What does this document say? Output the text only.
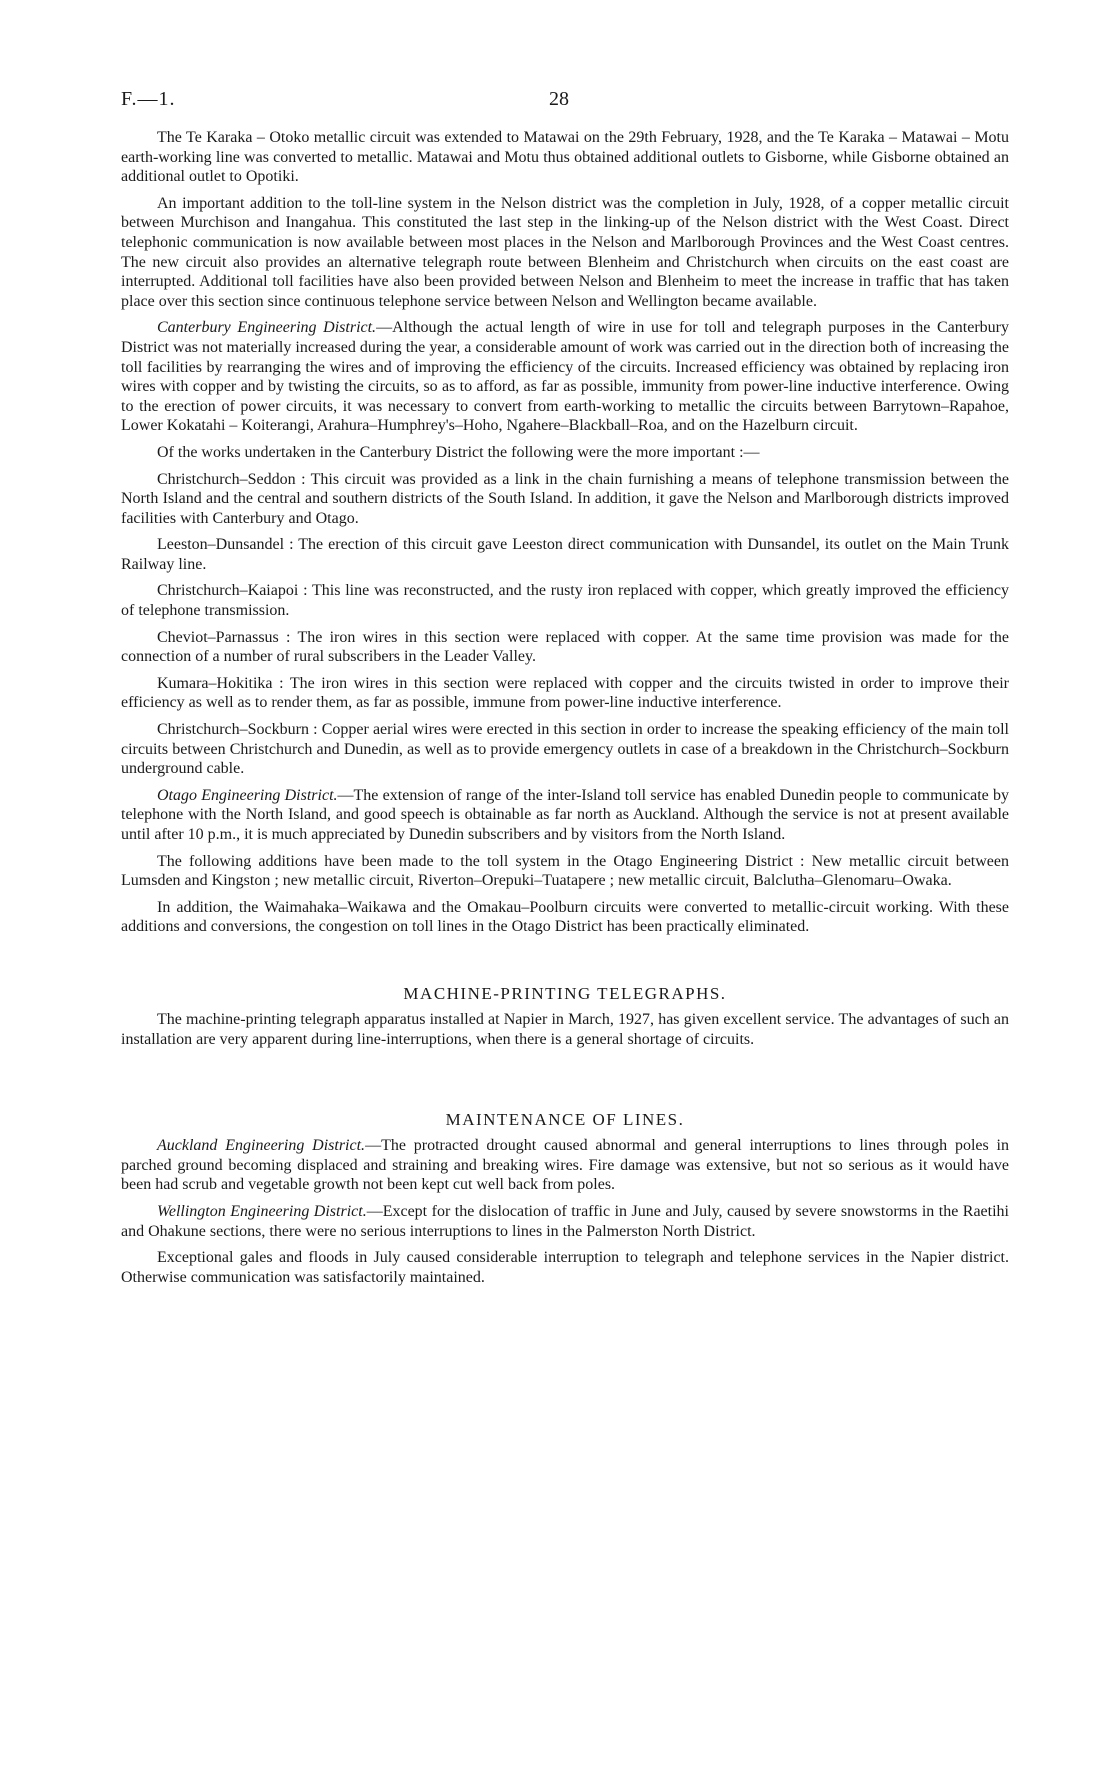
F.—1.	28

The Te Karaka – Otoko metallic circuit was extended to Matawai on the 29th February, 1928, and the Te Karaka – Matawai – Motu earth-working line was converted to metallic. Matawai and Motu thus obtained additional outlets to Gisborne, while Gisborne obtained an additional outlet to Opotiki.

An important addition to the toll-line system in the Nelson district was the completion in July, 1928, of a copper metallic circuit between Murchison and Inangahua. This constituted the last step in the linking-up of the Nelson district with the West Coast. Direct telephonic communication is now available between most places in the Nelson and Marlborough Provinces and the West Coast centres. The new circuit also provides an alternative telegraph route between Blenheim and Christchurch when circuits on the east coast are interrupted. Additional toll facilities have also been provided between Nelson and Blenheim to meet the increase in traffic that has taken place over this section since continuous telephone service between Nelson and Wellington became available.

Canterbury Engineering District.—Although the actual length of wire in use for toll and telegraph purposes in the Canterbury District was not materially increased during the year, a considerable amount of work was carried out in the direction both of increasing the toll facilities by rearranging the wires and of improving the efficiency of the circuits. Increased efficiency was obtained by replacing iron wires with copper and by twisting the circuits, so as to afford, as far as possible, immunity from power-line inductive interference. Owing to the erection of power circuits, it was necessary to convert from earth-working to metallic the circuits between Barrytown–Rapahoe, Lower Kokatahi – Koiterangi, Arahura–Humphrey's–Hoho, Ngahere–Blackball–Roa, and on the Hazelburn circuit.

Of the works undertaken in the Canterbury District the following were the more important :—

Christchurch–Seddon : This circuit was provided as a link in the chain furnishing a means of telephone transmission between the North Island and the central and southern districts of the South Island. In addition, it gave the Nelson and Marlborough districts improved facilities with Canterbury and Otago.

Leeston–Dunsandel : The erection of this circuit gave Leeston direct communication with Dunsandel, its outlet on the Main Trunk Railway line.

Christchurch–Kaiapoi : This line was reconstructed, and the rusty iron replaced with copper, which greatly improved the efficiency of telephone transmission.

Cheviot–Parnassus : The iron wires in this section were replaced with copper. At the same time provision was made for the connection of a number of rural subscribers in the Leader Valley.

Kumara–Hokitika : The iron wires in this section were replaced with copper and the circuits twisted in order to improve their efficiency as well as to render them, as far as possible, immune from power-line inductive interference.

Christchurch–Sockburn : Copper aerial wires were erected in this section in order to increase the speaking efficiency of the main toll circuits between Christchurch and Dunedin, as well as to provide emergency outlets in case of a breakdown in the Christchurch–Sockburn underground cable.

Otago Engineering District.—The extension of range of the inter-Island toll service has enabled Dunedin people to communicate by telephone with the North Island, and good speech is obtainable as far north as Auckland. Although the service is not at present available until after 10 p.m., it is much appreciated by Dunedin subscribers and by visitors from the North Island.

The following additions have been made to the toll system in the Otago Engineering District : New metallic circuit between Lumsden and Kingston ; new metallic circuit, Riverton–Orepuki–Tuatapere ; new metallic circuit, Balclutha–Glenomaru–Owaka.

In addition, the Waimahaka–Waikawa and the Omakau–Poolburn circuits were converted to metallic-circuit working. With these additions and conversions, the congestion on toll lines in the Otago District has been practically eliminated.

MACHINE-PRINTING TELEGRAPHS.

The machine-printing telegraph apparatus installed at Napier in March, 1927, has given excellent service. The advantages of such an installation are very apparent during line-interruptions, when there is a general shortage of circuits.

MAINTENANCE OF LINES.

Auckland Engineering District.—The protracted drought caused abnormal and general interruptions to lines through poles in parched ground becoming displaced and straining and breaking wires. Fire damage was extensive, but not so serious as it would have been had scrub and vegetable growth not been kept cut well back from poles.

Wellington Engineering District.—Except for the dislocation of traffic in June and July, caused by severe snowstorms in the Raetihi and Ohakune sections, there were no serious interruptions to lines in the Palmerston North District.

Exceptional gales and floods in July caused considerable interruption to telegraph and telephone services in the Napier district. Otherwise communication was satisfactorily maintained.
